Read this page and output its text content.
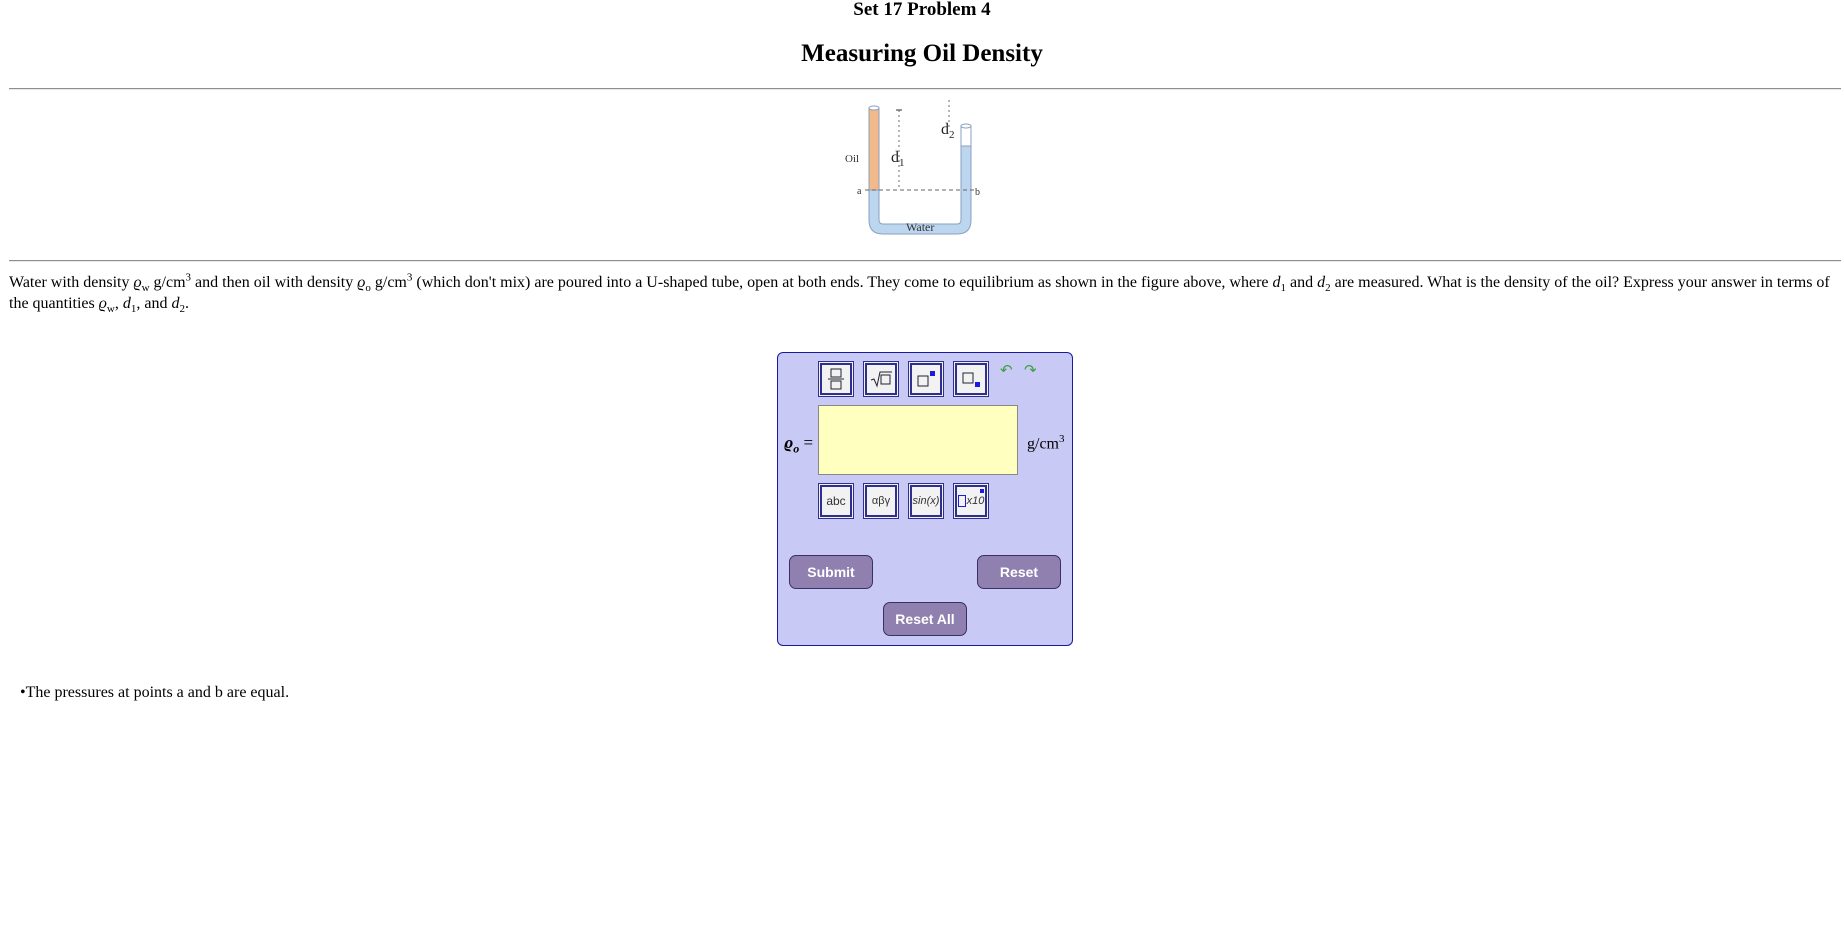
Set 17 Problem 4
Measuring Oil Density
Oil
a	b
Water
$d_1$
$d_2$
Water with density $ϱ_w$ $g/cm^3$ and then oil with density $ϱ_o$ $g/cm^3$ (which don't mix) are poured into a U-shaped tube, open at both ends. They come to equilibrium as shown in the figure above, where $d_1$ and $d_2$ are measured. What is the density of the oil? Express your answer in terms of the quantities $ϱ_w$, $d_1$, and $d_2$.
↶ ↷
$ϱ_o$ =	$g/cm^3$
abc αβγ sin(x) x10
Submit	Reset
Reset All
•The pressures at points a and b are equal.
